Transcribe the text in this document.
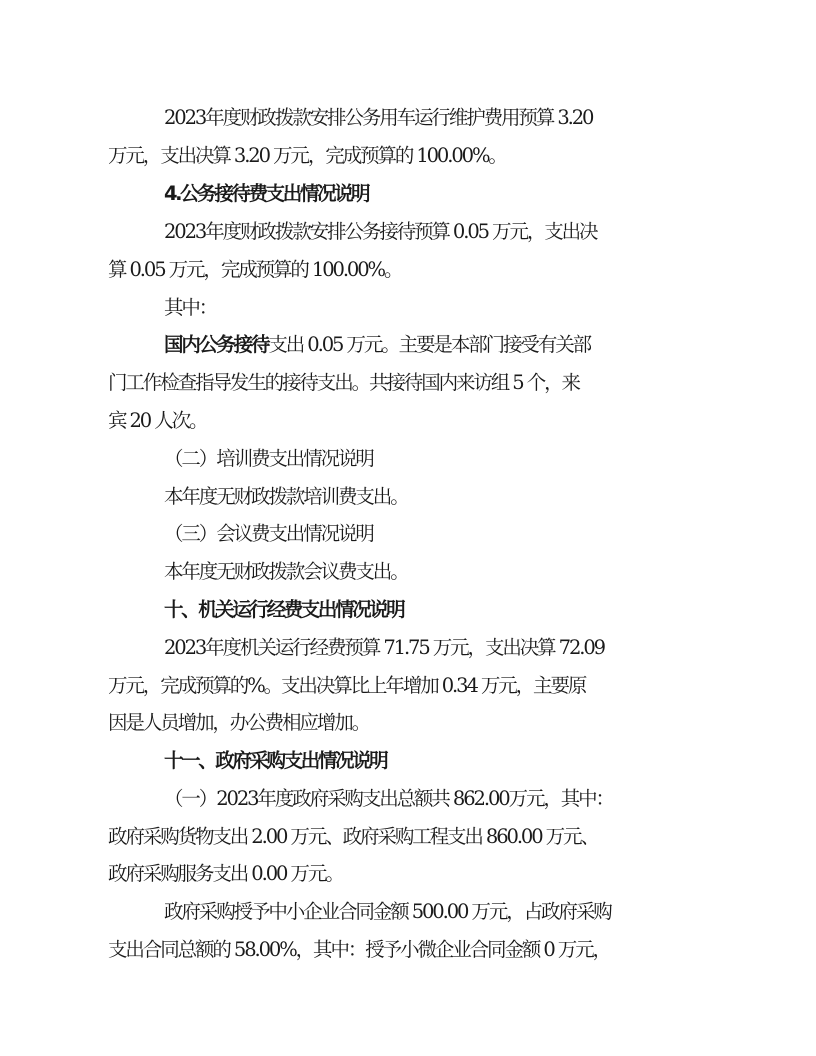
2023年度财政拨款安排公务用车运行维护费用预算 3.20
万元，支出决算 3.20 万元，完成预算的 100.00%。
4.公务接待费支出情况说明
2023年度财政拨款安排公务接待预算 0.05 万元，支出决
算 0.05 万元，完成预算的 100.00%。
其中：
国内公务接待支出 0.05 万元。主要是本部门接受有关部
门工作检查指导发生的接待支出。共接待国内来访组 5 个，来
宾 20 人次。
（二）培训费支出情况说明
本年度无财政拨款培训费支出。
（三）会议费支出情况说明
本年度无财政拨款会议费支出。
十、机关运行经费支出情况说明
2023年度机关运行经费预算 71.75 万元，支出决算 72.09
万元，完成预算的%。支出决算比上年增加 0.34 万元，主要原
因是人员增加，办公费相应增加。
十一、政府采购支出情况说明
（一）2023年度政府采购支出总额共 862.00万元，其中：
政府采购货物支出 2.00 万元、政府采购工程支出 860.00 万元、
政府采购服务支出 0.00 万元。
政府采购授予中小企业合同金额 500.00 万元，占政府采购
支出合同总额的 58.00%，其中：授予小微企业合同金额 0 万元，
